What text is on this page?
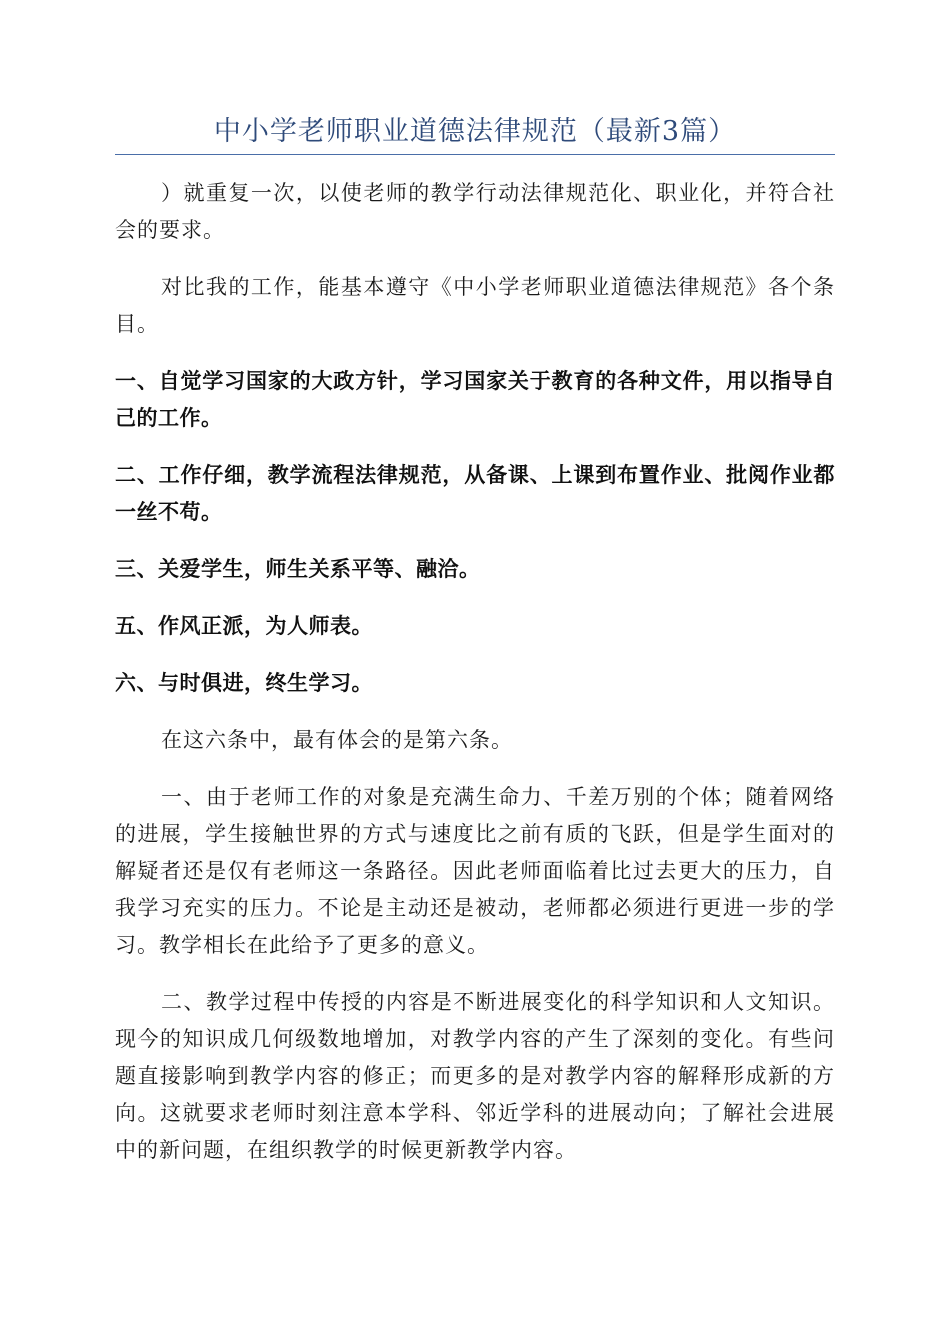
中小学老师职业道德法律规范（最新3篇）

）就重复一次，以使老师的教学行动法律规范化、职业化，并符合社会的要求。

对比我的工作，能基本遵守《中小学老师职业道德法律规范》各个条目。

一、自觉学习国家的大政方针，学习国家关于教育的各种文件，用以指导自己的工作。

二、工作仔细，教学流程法律规范，从备课、上课到布置作业、批阅作业都一丝不苟。

三、关爱学生，师生关系平等、融洽。

五、作风正派，为人师表。

六、与时俱进，终生学习。

在这六条中，最有体会的是第六条。

一、由于老师工作的对象是充满生命力、千差万别的个体；随着网络的进展，学生接触世界的方式与速度比之前有质的飞跃，但是学生面对的解疑者还是仅有老师这一条路径。因此老师面临着比过去更大的压力，自我学习充实的压力。不论是主动还是被动，老师都必须进行更进一步的学习。教学相长在此给予了更多的意义。

二、教学过程中传授的内容是不断进展变化的科学知识和人文知识。现今的知识成几何级数地增加，对教学内容的产生了深刻的变化。有些问题直接影响到教学内容的修正；而更多的是对教学内容的解释形成新的方向。这就要求老师时刻注意本学科、邻近学科的进展动向；了解社会进展中的新问题，在组织教学的时候更新教学内容。
